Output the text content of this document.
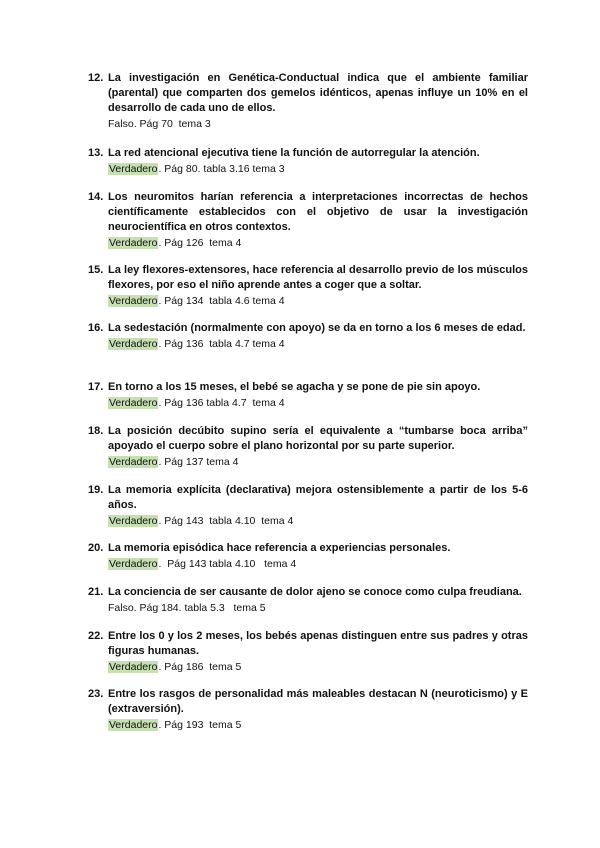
12. La investigación en Genética-Conductual indica que el ambiente familiar (parental) que comparten dos gemelos idénticos, apenas influye un 10% en el desarrollo de cada uno de ellos.
Falso. Pág 70  tema 3
13. La red atencional ejecutiva tiene la función de autorregular la atención.
Verdadero. Pág 80. tabla 3.16 tema 3
14. Los neuromitos harían referencia a interpretaciones incorrectas de hechos científicamente establecidos con el objetivo de usar la investigación neurocientífica en otros contextos.
Verdadero. Pág 126  tema 4
15. La ley flexores-extensores, hace referencia al desarrollo previo de los músculos flexores, por eso el niño aprende antes a coger que a soltar.
Verdadero. Pág 134  tabla 4.6 tema 4
16. La sedestación (normalmente con apoyo) se da en torno a los 6 meses de edad.
Verdadero. Pág 136  tabla 4.7 tema 4
17. En torno a los 15 meses, el bebé se agacha y se pone de pie sin apoyo.
Verdadero. Pág 136 tabla 4.7  tema 4
18. La posición decúbito supino sería el equivalente a “tumbarse boca arriba” apoyado el cuerpo sobre el plano horizontal por su parte superior.
Verdadero. Pág 137 tema 4
19. La memoria explícita (declarativa) mejora ostensiblemente a partir de los 5-6 años.
Verdadero. Pág 143  tabla 4.10  tema 4
20. La memoria episódica hace referencia a experiencias personales.
Verdadero.  Pág 143 tabla 4.10   tema 4
21. La conciencia de ser causante de dolor ajeno se conoce como culpa freudiana.
Falso. Pág 184. tabla 5.3   tema 5
22. Entre los 0 y los 2 meses, los bebés apenas distinguen entre sus padres y otras figuras humanas.
Verdadero. Pág 186  tema 5
23. Entre los rasgos de personalidad más maleables destacan N (neuroticismo) y E (extraversión).
Verdadero. Pág 193  tema 5
